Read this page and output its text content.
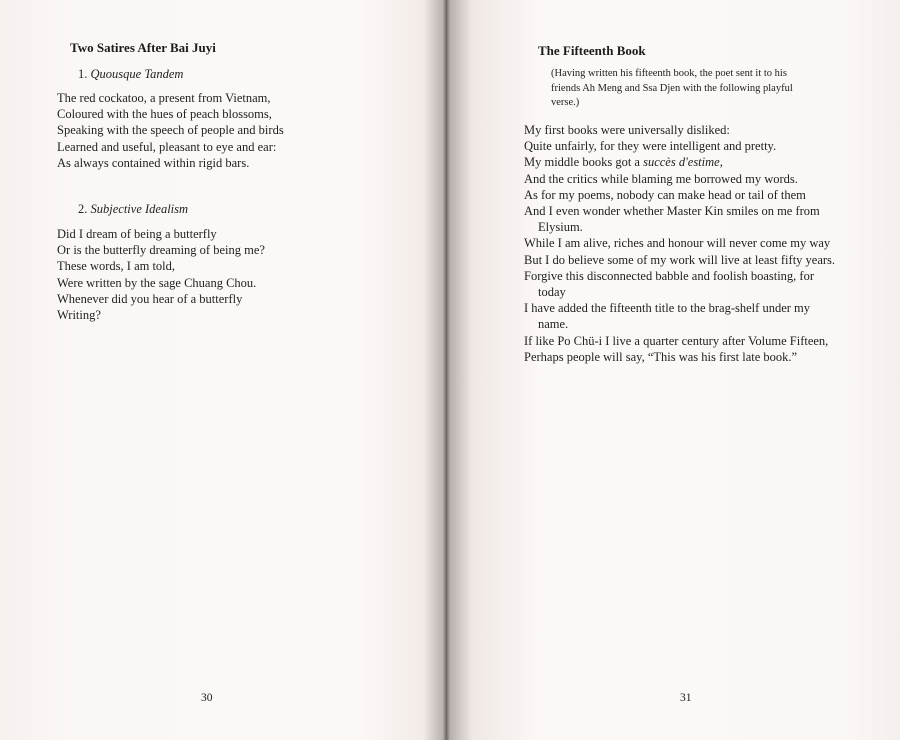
Two Satires After Bai Juyi
1. Quousque Tandem
The red cockatoo, a present from Vietnam,
Coloured with the hues of peach blossoms,
Speaking with the speech of people and birds
Learned and useful, pleasant to eye and ear:
As always contained within rigid bars.
2. Subjective Idealism
Did I dream of being a butterfly
Or is the butterfly dreaming of being me?
These words, I am told,
Were written by the sage Chuang Chou.
Whenever did you hear of a butterfly
Writing?
30
The Fifteenth Book
(Having written his fifteenth book, the poet sent it to his
friends Ah Meng and Ssa Djen with the following playful
verse.)
My first books were universally disliked:
Quite unfairly, for they were intelligent and pretty.
My middle books got a succès d'estime,
And the critics while blaming me borrowed my words.
As for my poems, nobody can make head or tail of them
And I even wonder whether Master Kin smiles on me from
Elysium.
While I am alive, riches and honour will never come my way
But I do believe some of my work will live at least fifty years.
Forgive this disconnected babble and foolish boasting, for
today
I have added the fifteenth title to the brag-shelf under my
name.
If like Po Chü-i I live a quarter century after Volume Fifteen,
Perhaps people will say, “This was his first late book.”
31
